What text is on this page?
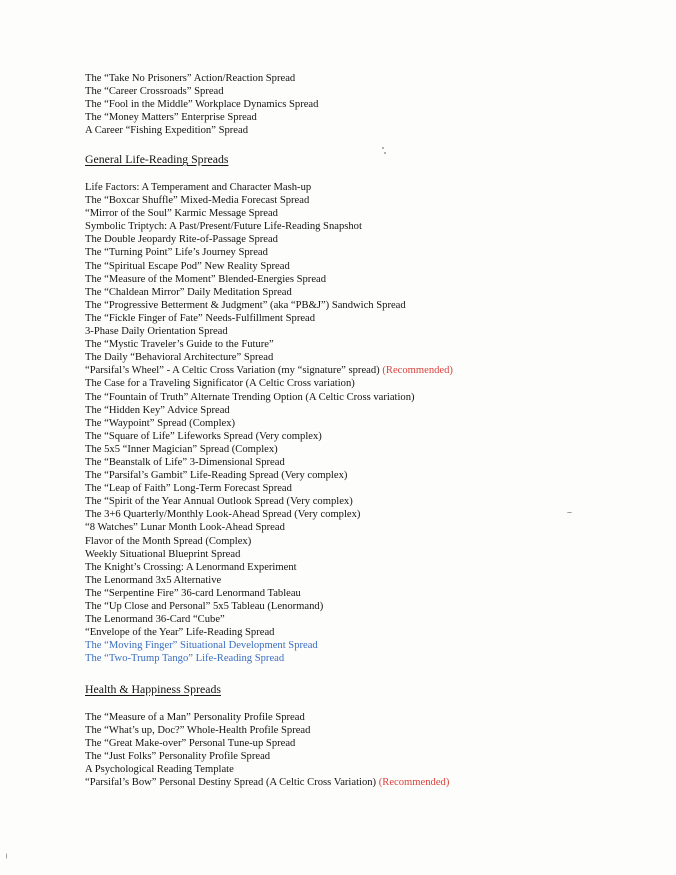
The “Take No Prisoners” Action/Reaction Spread
The “Career Crossroads” Spread
The “Fool in the Middle” Workplace Dynamics Spread
The “Money Matters” Enterprise Spread
A Career “Fishing Expedition” Spread
General Life-Reading Spreads
Life Factors: A Temperament and Character Mash-up
The “Boxcar Shuffle” Mixed-Media Forecast Spread
“Mirror of the Soul” Karmic Message Spread
Symbolic Triptych: A Past/Present/Future Life-Reading Snapshot
The Double Jeopardy Rite-of-Passage Spread
The “Turning Point” Life’s Journey Spread
The “Spiritual Escape Pod” New Reality Spread
The “Measure of the Moment” Blended-Energies Spread
The “Chaldean Mirror” Daily Meditation Spread
The “Progressive Betterment & Judgment” (aka “PB&J”) Sandwich Spread
The “Fickle Finger of Fate” Needs-Fulfillment Spread
3-Phase Daily Orientation Spread
The “Mystic Traveler’s Guide to the Future”
The Daily “Behavioral Architecture” Spread
“Parsifal’s Wheel” - A Celtic Cross Variation (my “signature” spread) (Recommended)
The Case for a Traveling Significator (A Celtic Cross variation)
The “Fountain of Truth” Alternate Trending Option (A Celtic Cross variation)
The “Hidden Key” Advice Spread
The “Waypoint” Spread (Complex)
The “Square of Life” Lifeworks Spread (Very complex)
The 5x5 “Inner Magician” Spread (Complex)
The “Beanstalk of Life” 3-Dimensional Spread
The “Parsifal’s Gambit” Life-Reading Spread (Very complex)
The “Leap of Faith” Long-Term Forecast Spread
The “Spirit of the Year Annual Outlook Spread (Very complex)
The 3+6 Quarterly/Monthly Look-Ahead Spread (Very complex)
“8 Watches” Lunar Month Look-Ahead Spread
Flavor of the Month Spread (Complex)
Weekly Situational Blueprint Spread
The Knight’s Crossing: A Lenormand Experiment
The Lenormand 3x5 Alternative
The “Serpentine Fire” 36-card Lenormand Tableau
The “Up Close and Personal” 5x5 Tableau (Lenormand)
The Lenormand 36-Card “Cube”
“Envelope of the Year” Life-Reading Spread
The “Moving Finger” Situational Development Spread
The “Two-Trump Tango” Life-Reading Spread
Health & Happiness Spreads
The “Measure of a Man” Personality Profile Spread
The “What’s up, Doc?” Whole-Health Profile Spread
The “Great Make-over” Personal Tune-up Spread
The “Just Folks” Personality Profile Spread
A Psychological Reading Template
“Parsifal’s Bow” Personal Destiny Spread (A Celtic Cross Variation) (Recommended)
